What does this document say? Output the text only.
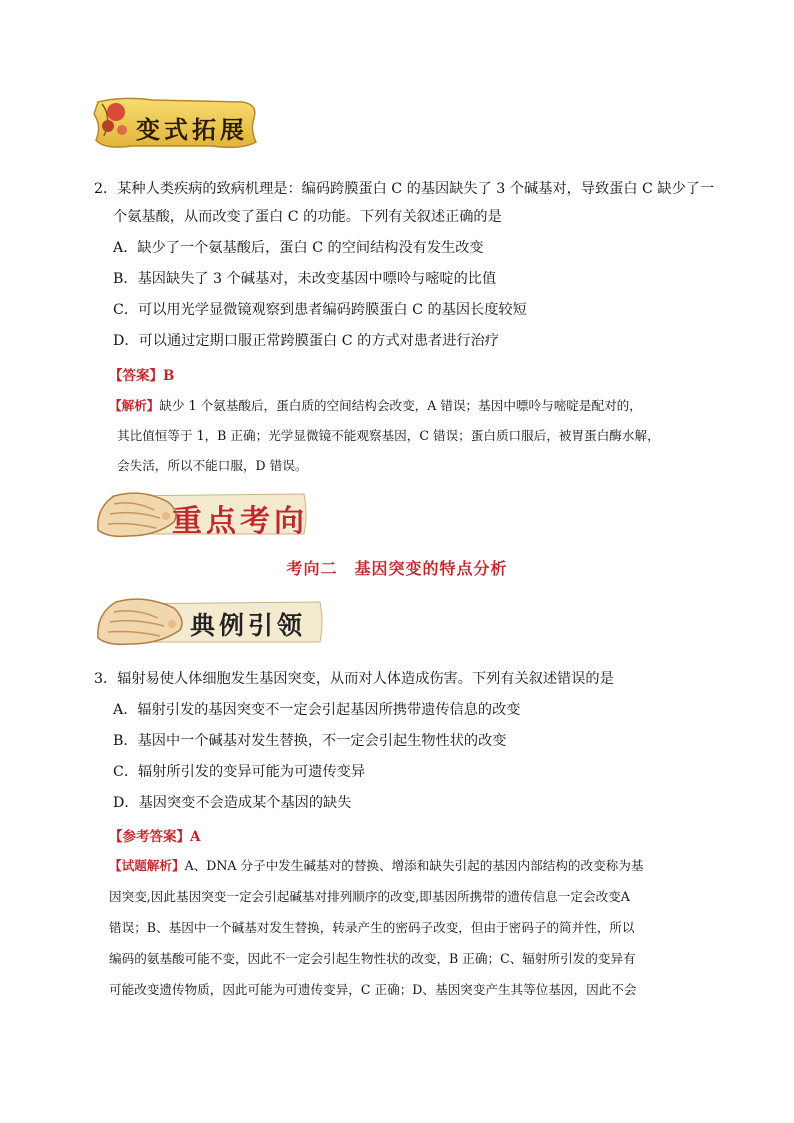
变式拓展
2．某种人类疾病的致病机理是：编码跨膜蛋白 C 的基因缺失了 3 个碱基对，导致蛋白 C 缺少了一
个氨基酸，从而改变了蛋白 C 的功能。下列有关叙述正确的是
A．缺少了一个氨基酸后，蛋白 C 的空间结构没有发生改变
B．基因缺失了 3 个碱基对，未改变基因中嘌呤与嘧啶的比值
C．可以用光学显微镜观察到患者编码跨膜蛋白 C 的基因长度较短
D．可以通过定期口服正常跨膜蛋白 C 的方式对患者进行治疗
【答案】B
【解析】缺少 1 个氨基酸后，蛋白质的空间结构会改变，A 错误；基因中嘌呤与嘧啶是配对的，
其比值恒等于 1，B 正确；光学显微镜不能观察基因，C 错误；蛋白质口服后，被胃蛋白酶水解，
会失活，所以不能口服，D 错误。
重点考向
考向二　基因突变的特点分析
典例引领
3．辐射易使人体细胞发生基因突变，从而对人体造成伤害。下列有关叙述错误的是
A．辐射引发的基因突变不一定会引起基因所携带遗传信息的改变
B．基因中一个碱基对发生替换，不一定会引起生物性状的改变
C．辐射所引发的变异可能为可遗传变异
D．基因突变不会造成某个基因的缺失
【参考答案】A
【试题解析】A、DNA 分子中发生碱基对的替换、增添和缺失引起的基因内部结构的改变称为基
因突变,因此基因突变一定会引起碱基对排列顺序的改变,即基因所携带的遗传信息一定会改变A
错误；B、基因中一个碱基对发生替换，转录产生的密码子改变，但由于密码子的简并性，所以
编码的氨基酸可能不变，因此不一定会引起生物性状的改变，B 正确；C、辐射所引发的变异有
可能改变遗传物质，因此可能为可遗传变异，C 正确；D、基因突变产生其等位基因，因此不会
